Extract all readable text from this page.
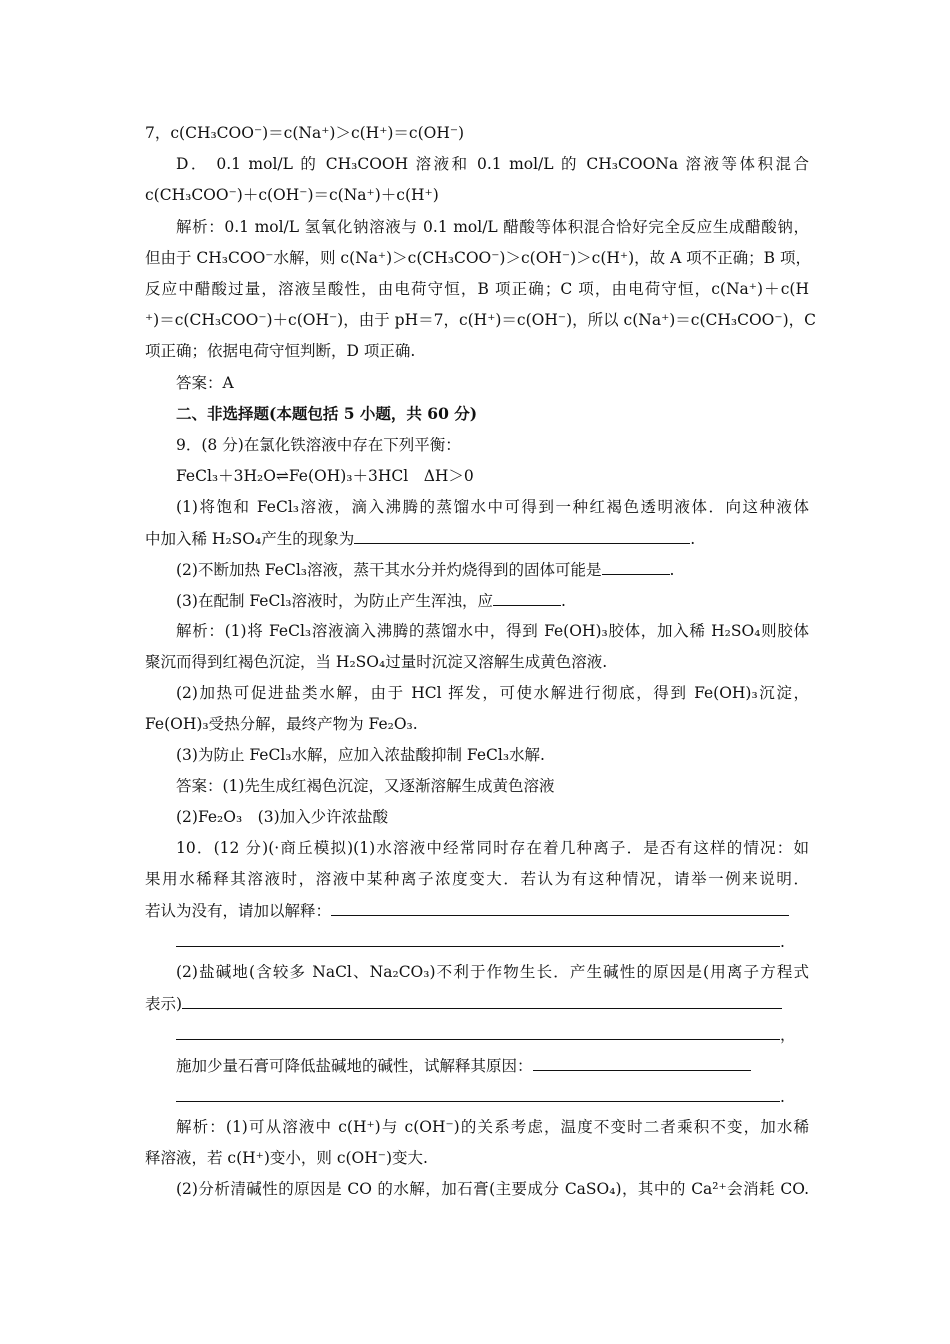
7，c(CH₃COO⁻)＝c(Na⁺)＞c(H⁺)＝c(OH⁻)
D． 0.1 mol/L 的 CH₃COOH 溶液和 0.1 mol/L 的 CH₃COONa 溶液等体积混合
c(CH₃COO⁻)＋c(OH⁻)＝c(Na⁺)＋c(H⁺)
解析：0.1 mol/L 氢氧化钠溶液与 0.1 mol/L 醋酸等体积混合恰好完全反应生成醋酸钠，
但由于 CH₃COO⁻水解，则 c(Na⁺)＞c(CH₃COO⁻)＞c(OH⁻)＞c(H⁺)，故 A 项不正确；B 项，
反应中醋酸过量，溶液呈酸性，由电荷守恒，B 项正确；C 项，由电荷守恒，c(Na⁺)＋c(H
⁺)＝c(CH₃COO⁻)＋c(OH⁻)，由于 pH＝7，c(H⁺)＝c(OH⁻)，所以 c(Na⁺)＝c(CH₃COO⁻)，C
项正确；依据电荷守恒判断，D 项正确.
答案：A
二、非选择题(本题包括 5 小题，共 60 分)
9．(8 分)在氯化铁溶液中存在下列平衡：
FeCl₃＋3H₂O⇌Fe(OH)₃＋3HCl　ΔH＞0
(1)将饱和 FeCl₃溶液，滴入沸腾的蒸馏水中可得到一种红褐色透明液体．向这种液体
中加入稀 H₂SO₄产生的现象为	.
(2)不断加热 FeCl₃溶液，蒸干其水分并灼烧得到的固体可能是	.
(3)在配制 FeCl₃溶液时，为防止产生浑浊，应	.
解析：(1)将 FeCl₃溶液滴入沸腾的蒸馏水中，得到 Fe(OH)₃胶体，加入稀 H₂SO₄则胶体
聚沉而得到红褐色沉淀，当 H₂SO₄过量时沉淀又溶解生成黄色溶液.
(2)加热可促进盐类水解，由于 HCl 挥发，可使水解进行彻底，得到 Fe(OH)₃沉淀，
Fe(OH)₃受热分解，最终产物为 Fe₂O₃.
(3)为防止 FeCl₃水解，应加入浓盐酸抑制 FeCl₃水解.
答案：(1)先生成红褐色沉淀，又逐渐溶解生成黄色溶液
(2)Fe₂O₃　(3)加入少许浓盐酸
10．(12 分)(·商丘模拟)(1)水溶液中经常同时存在着几种离子．是否有这样的情况：如
果用水稀释其溶液时，溶液中某种离子浓度变大．若认为有这种情况，请举一例来说明．
若认为没有，请加以解释：
.
(2)盐碱地(含较多 NaCl、Na₂CO₃)不利于作物生长．产生碱性的原因是(用离子方程式
表示)
，
施加少量石膏可降低盐碱地的碱性，试解释其原因：
.
解析：(1)可从溶液中 c(H⁺)与 c(OH⁻)的关系考虑，温度不变时二者乘积不变，加水稀
释溶液，若 c(H⁺)变小，则 c(OH⁻)变大.
(2)分析清碱性的原因是 CO 的水解，加石膏(主要成分 CaSO₄)，其中的 Ca²⁺会消耗 CO.
